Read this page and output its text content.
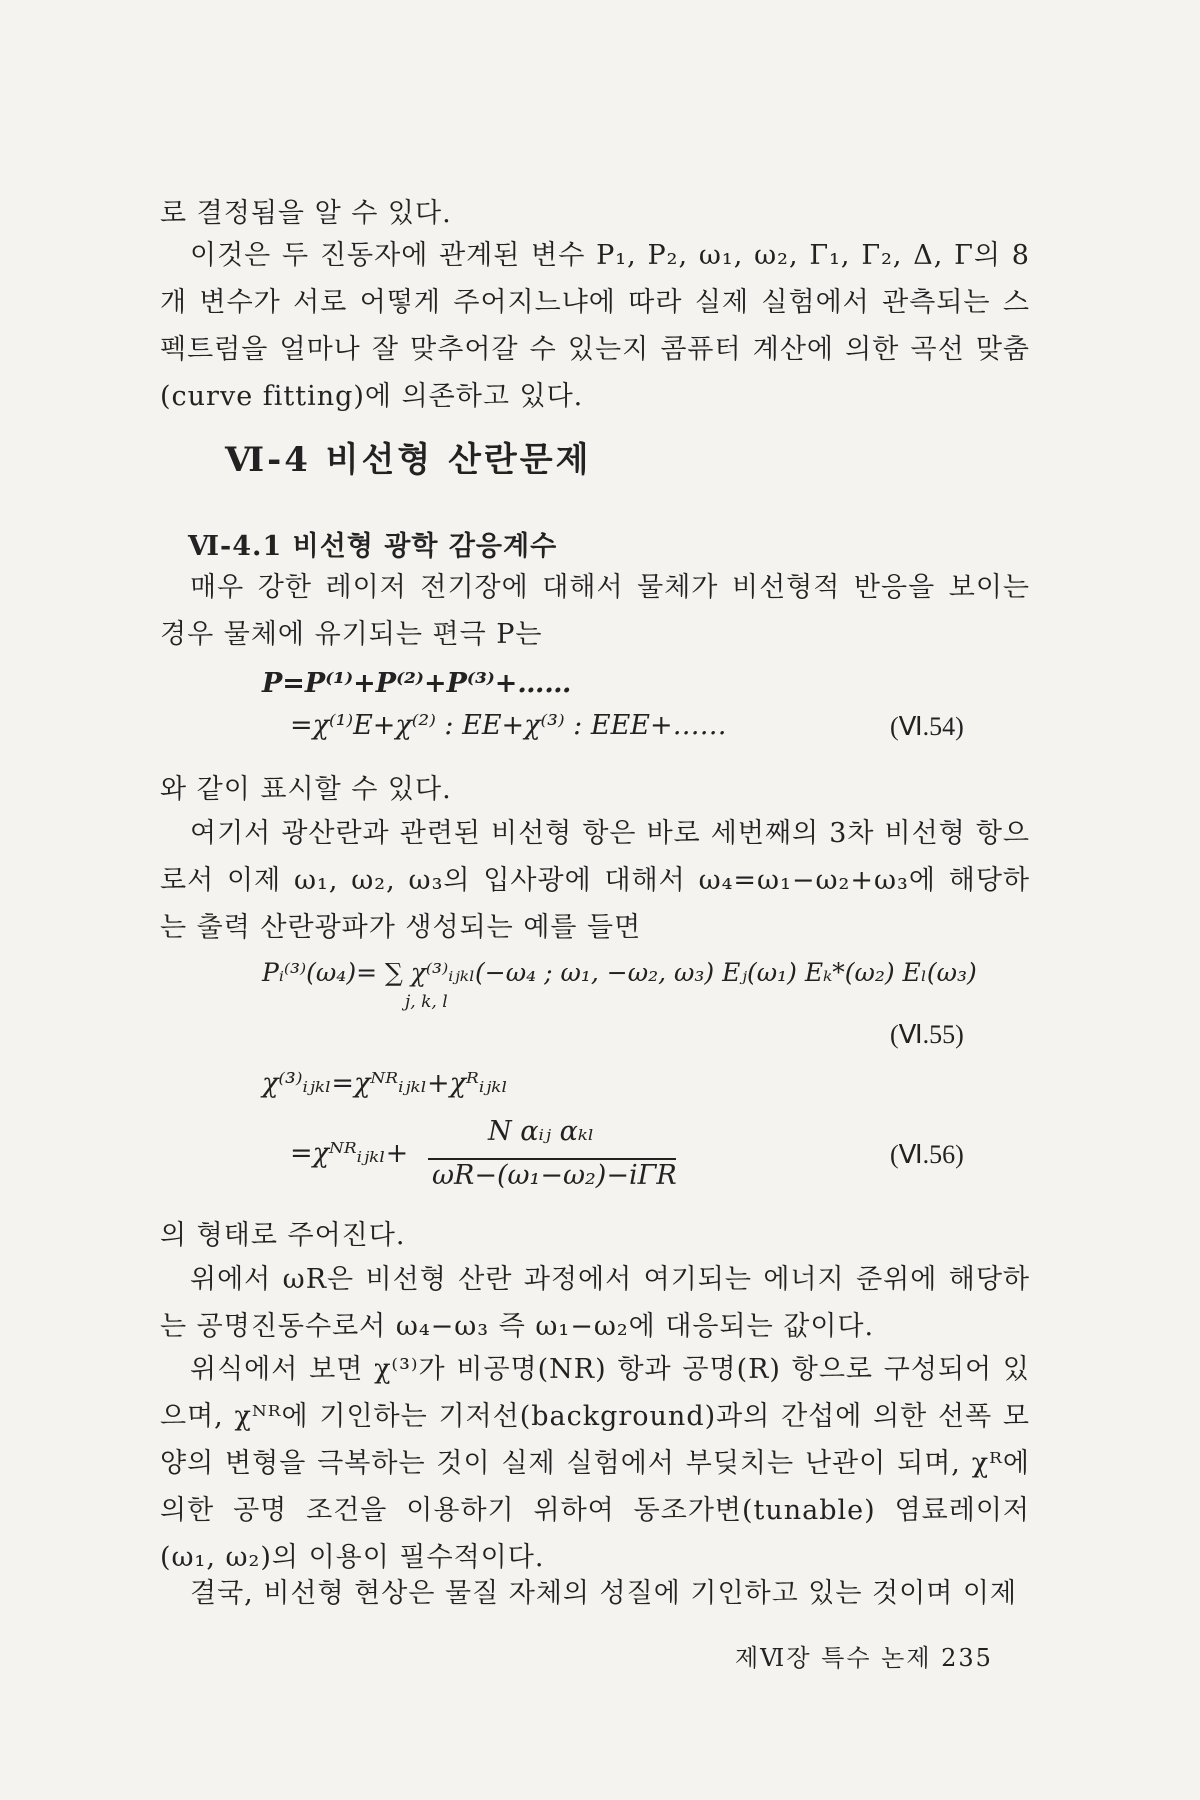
로 결정됨을 알 수 있다.

이것은 두 진동자에 관계된 변수 P₁, P₂, ω₁, ω₂, Γ₁, Γ₂, Δ, Γ의 8개 변수가 서로 어떻게 주어지느냐에 따라 실제 실험에서 관측되는 스펙트럼을 얼마나 잘 맞추어갈 수 있는지 콤퓨터 계산에 의한 곡선 맞춤(curve fitting)에 의존하고 있다.

Ⅵ-4 비선형 산란문제
Ⅵ-4.1 비선형 광학 감응계수

매우 강한 레이저 전기장에 대해서 물체가 비선형적 반응을 보이는 경우 물체에 유기되는 편극 P는

P=P⁽¹⁾+P⁽²⁾+P⁽³⁾+……
=χ⁽¹⁾E+χ⁽²⁾ : EE+χ⁽³⁾ : EEE+……	(Ⅵ.54)

와 같이 표시할 수 있다.

여기서 광산란과 관련된 비선형 항은 바로 세번째의 3차 비선형 항으로서 이제 ω₁, ω₂, ω₃의 입사광에 대해서 ω₄=ω₁−ω₂+ω₃에 해당하는 출력 산란광파가 생성되는 예를 들면

Pᵢ⁽³⁾(ω₄)= ∑ χ⁽³⁾ᵢⱼₖₗ(−ω₄ ; ω₁, −ω₂, ω₃) Eⱼ(ω₁) Eₖ*(ω₂) Eₗ(ω₃)
j, k, l
(Ⅵ.55)
χ⁽³⁾ᵢⱼₖₗ=χᴺᴿᵢⱼₖₗ+χᴿᵢⱼₖₗ
=χᴺᴿᵢⱼₖₗ+
N αᵢⱼ αₖₗ
ωR−(ω₁−ω₂)−iΓR
(Ⅵ.56)

의 형태로 주어진다.

위에서 ωR은 비선형 산란 과정에서 여기되는 에너지 준위에 해당하는 공명진동수로서 ω₄−ω₃ 즉 ω₁−ω₂에 대응되는 값이다.

위식에서 보면 χ⁽³⁾가 비공명(NR) 항과 공명(R) 항으로 구성되어 있으며, χᴺᴿ에 기인하는 기저선(background)과의 간섭에 의한 선폭 모양의 변형을 극복하는 것이 실제 실험에서 부딪치는 난관이 되며, χᴿ에 의한 공명 조건을 이용하기 위하여 동조가변(tunable) 염료레이저(ω₁, ω₂)의 이용이 필수적이다.

결국, 비선형 현상은 물질 자체의 성질에 기인하고 있는 것이며 이제

제Ⅵ장 특수 논제 235
